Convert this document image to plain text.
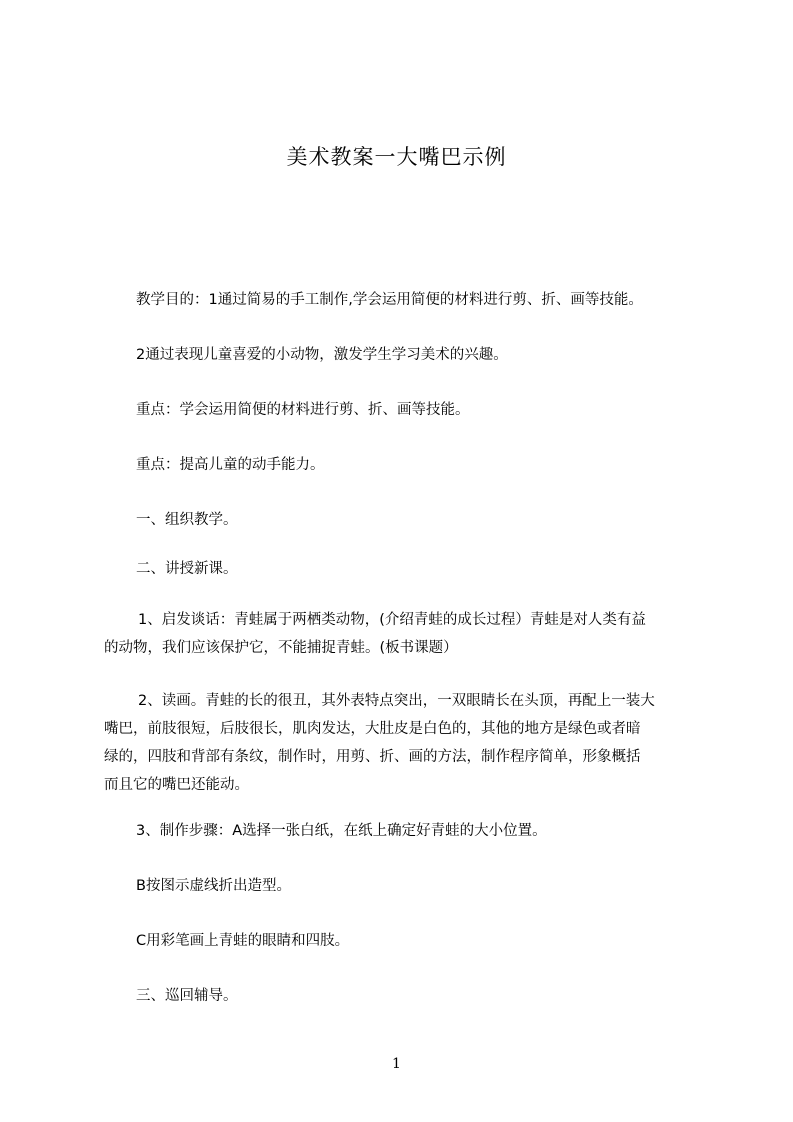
美术教案一大嘴巴示例
教学目的：1通过简易的手工制作,学会运用简便的材料进行剪、折、画等技能。
2通过表现儿童喜爱的小动物，激发学生学习美术的兴趣。
重点：学会运用简便的材料进行剪、折、画等技能。
重点：提高儿童的动手能力。
一、组织教学。
二、讲授新课。
1、启发谈话：青蛙属于两栖类动物，(介绍青蛙的成长过程）青蛙是对人类有益
的动物，我们应该保护它，不能捕捉青蛙。(板书课题）
2、读画。青蛙的长的很丑，其外表特点突出，一双眼睛长在头顶，再配上一装大
嘴巴，前肢很短，后肢很长，肌肉发达，大肚皮是白色的，其他的地方是绿色或者暗
绿的，四肢和背部有条纹，制作时，用剪、折、画的方法，制作程序简单，形象概括
而且它的嘴巴还能动。
3、制作步骤：A选择一张白纸，在纸上确定好青蛙的大小位置。
B按图示虚线折出造型。
C用彩笔画上青蛙的眼睛和四肢。
三、巡回辅导。
1
